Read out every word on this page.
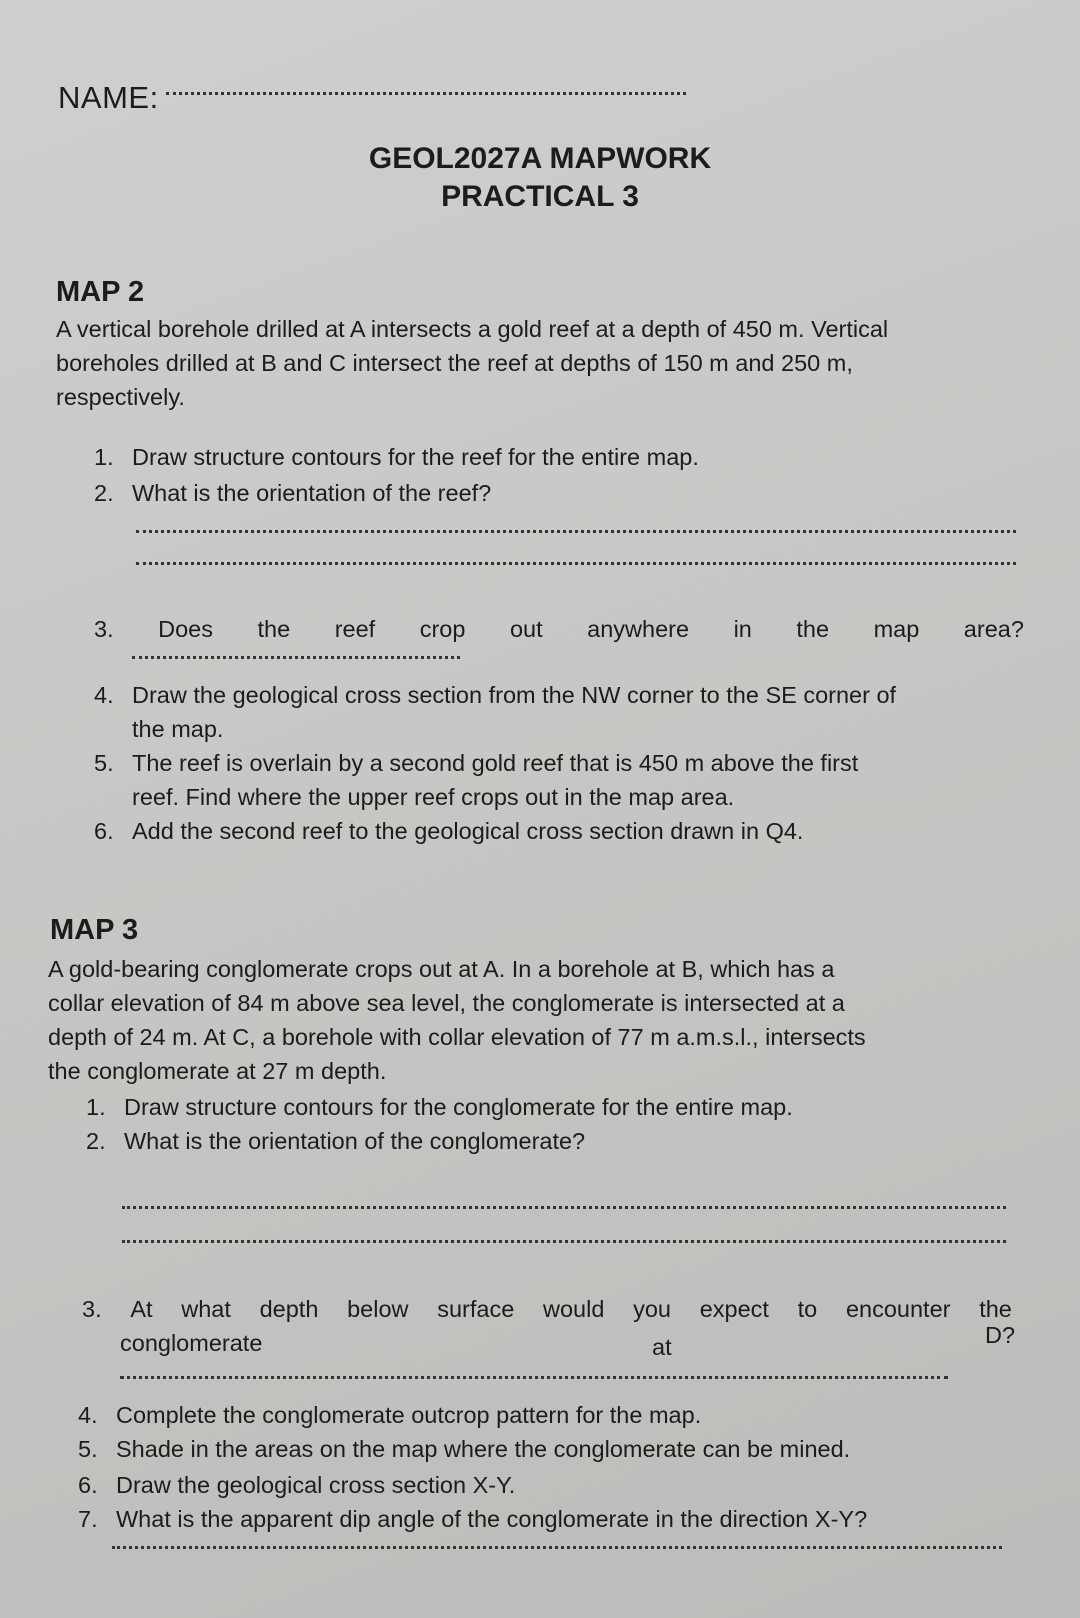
NAME:
GEOL2027A MAPWORK
PRACTICAL 3
MAP 2
A vertical borehole drilled at A intersects a gold reef at a depth of 450 m. Vertical
boreholes drilled at B and C intersect the reef at depths of 150 m and 250 m,
respectively.
1. Draw structure contours for the reef for the entire map.
2. What is the orientation of the reef?
3. Does the reef crop out anywhere in the map area?
4. Draw the geological cross section from the NW corner to the SE corner of
the map.
5. The reef is overlain by a second gold reef that is 450 m above the first
reef. Find where the upper reef crops out in the map area.
6. Add the second reef to the geological cross section drawn in Q4.
MAP 3
A gold-bearing conglomerate crops out at A. In a borehole at B, which has a
collar elevation of 84 m above sea level, the conglomerate is intersected at a
depth of 24 m. At C, a borehole with collar elevation of 77 m a.m.s.l., intersects
the conglomerate at 27 m depth.
1. Draw structure contours for the conglomerate for the entire map.
2. What is the orientation of the conglomerate?
3. At what depth below surface would you expect to encounter the
conglomerate	at	D?
4. Complete the conglomerate outcrop pattern for the map.
5. Shade in the areas on the map where the conglomerate can be mined.
6. Draw the geological cross section X-Y.
7. What is the apparent dip angle of the conglomerate in the direction X-Y?
